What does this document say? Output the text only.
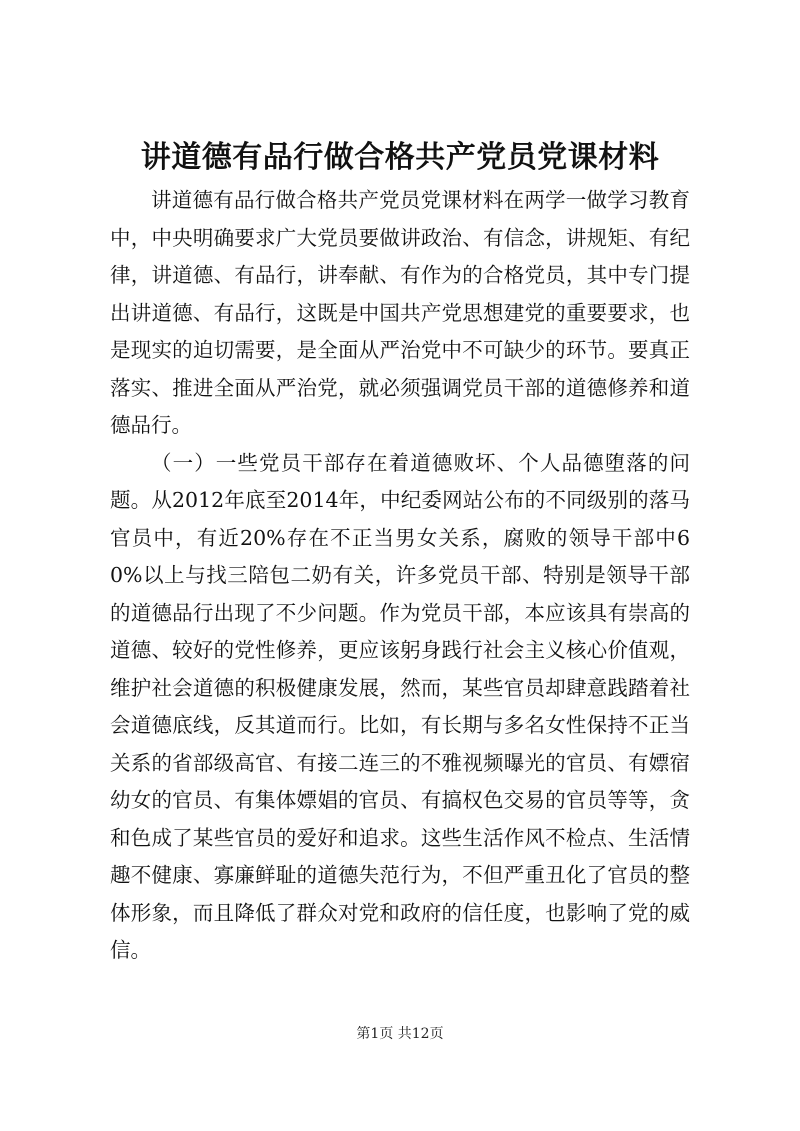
讲道德有品行做合格共产党员党课材料

讲道德有品行做合格共产党员党课材料在两学一做学习教育中，中央明确要求广大党员要做讲政治、有信念，讲规矩、有纪律，讲道德、有品行，讲奉献、有作为的合格党员，其中专门提出讲道德、有品行，这既是中国共产党思想建党的重要要求，也是现实的迫切需要，是全面从严治党中不可缺少的环节。要真正落实、推进全面从严治党，就必须强调党员干部的道德修养和道德品行。

（一）一些党员干部存在着道德败坏、个人品德堕落的问题。从2012年底至2014年，中纪委网站公布的不同级别的落马官员中，有近20%存在不正当男女关系，腐败的领导干部中60%以上与找三陪包二奶有关，许多党员干部、特别是领导干部的道德品行出现了不少问题。作为党员干部，本应该具有崇高的道德、较好的党性修养，更应该躬身践行社会主义核心价值观，维护社会道德的积极健康发展，然而，某些官员却肆意践踏着社会道德底线，反其道而行。比如，有长期与多名女性保持不正当关系的省部级高官、有接二连三的不雅视频曝光的官员、有嫖宿幼女的官员、有集体嫖娼的官员、有搞权色交易的官员等等，贪和色成了某些官员的爱好和追求。这些生活作风不检点、生活情趣不健康、寡廉鲜耻的道德失范行为，不但严重丑化了官员的整体形象，而且降低了群众对党和政府的信任度，也影响了党的威信。

第1页 共12页
